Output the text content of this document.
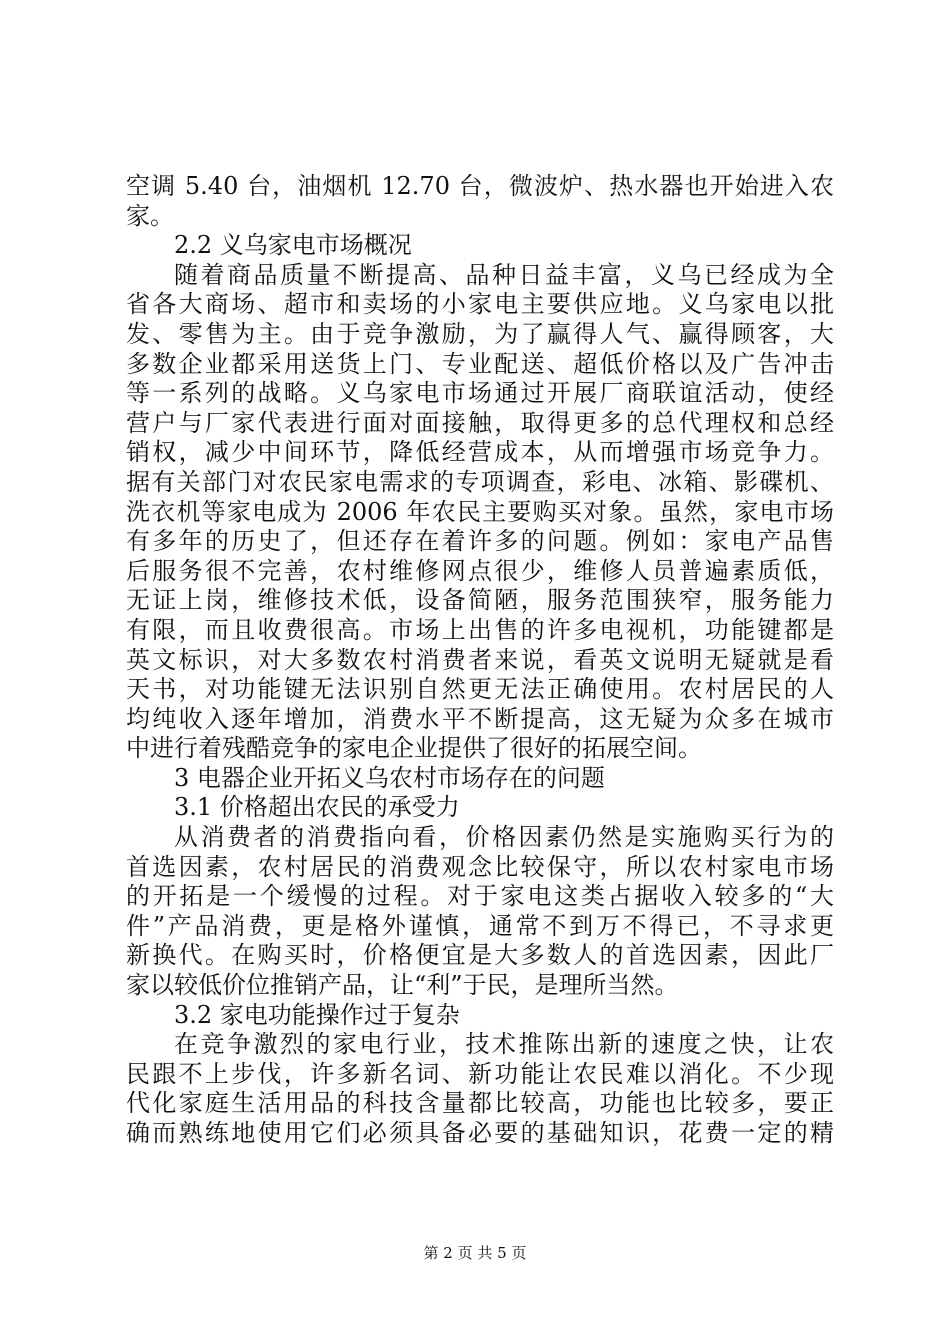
空调 5.40 台，油烟机 12.70 台，微波炉、热水器也开始进入农
家。
2.2 义乌家电市场概况
随着商品质量不断提高、品种日益丰富，义乌已经成为全
省各大商场、超市和卖场的小家电主要供应地。义乌家电以批
发、零售为主。由于竞争激励，为了赢得人气、赢得顾客，大
多数企业都采用送货上门、专业配送、超低价格以及广告冲击
等一系列的战略。义乌家电市场通过开展厂商联谊活动，使经
营户与厂家代表进行面对面接触，取得更多的总代理权和总经
销权，减少中间环节，降低经营成本，从而增强市场竞争力。
据有关部门对农民家电需求的专项调查，彩电、冰箱、影碟机、
洗衣机等家电成为 2006 年农民主要购买对象。虽然，家电市场
有多年的历史了，但还存在着许多的问题。例如：家电产品售
后服务很不完善，农村维修网点很少，维修人员普遍素质低，
无证上岗，维修技术低，设备简陋，服务范围狭窄，服务能力
有限，而且收费很高。市场上出售的许多电视机，功能键都是
英文标识，对大多数农村消费者来说，看英文说明无疑就是看
天书，对功能键无法识别自然更无法正确使用。农村居民的人
均纯收入逐年增加，消费水平不断提高，这无疑为众多在城市
中进行着残酷竞争的家电企业提供了很好的拓展空间。
3 电器企业开拓义乌农村市场存在的问题
3.1 价格超出农民的承受力
从消费者的消费指向看，价格因素仍然是实施购买行为的
首选因素，农村居民的消费观念比较保守，所以农村家电市场
的开拓是一个缓慢的过程。对于家电这类占据收入较多的“大
件”产品消费，更是格外谨慎，通常不到万不得已，不寻求更
新换代。在购买时，价格便宜是大多数人的首选因素，因此厂
家以较低价位推销产品，让“利”于民，是理所当然。
3.2 家电功能操作过于复杂
在竞争激烈的家电行业，技术推陈出新的速度之快，让农
民跟不上步伐，许多新名词、新功能让农民难以消化。不少现
代化家庭生活用品的科技含量都比较高，功能也比较多，要正
确而熟练地使用它们必须具备必要的基础知识，花费一定的精
第 2 页 共 5 页
